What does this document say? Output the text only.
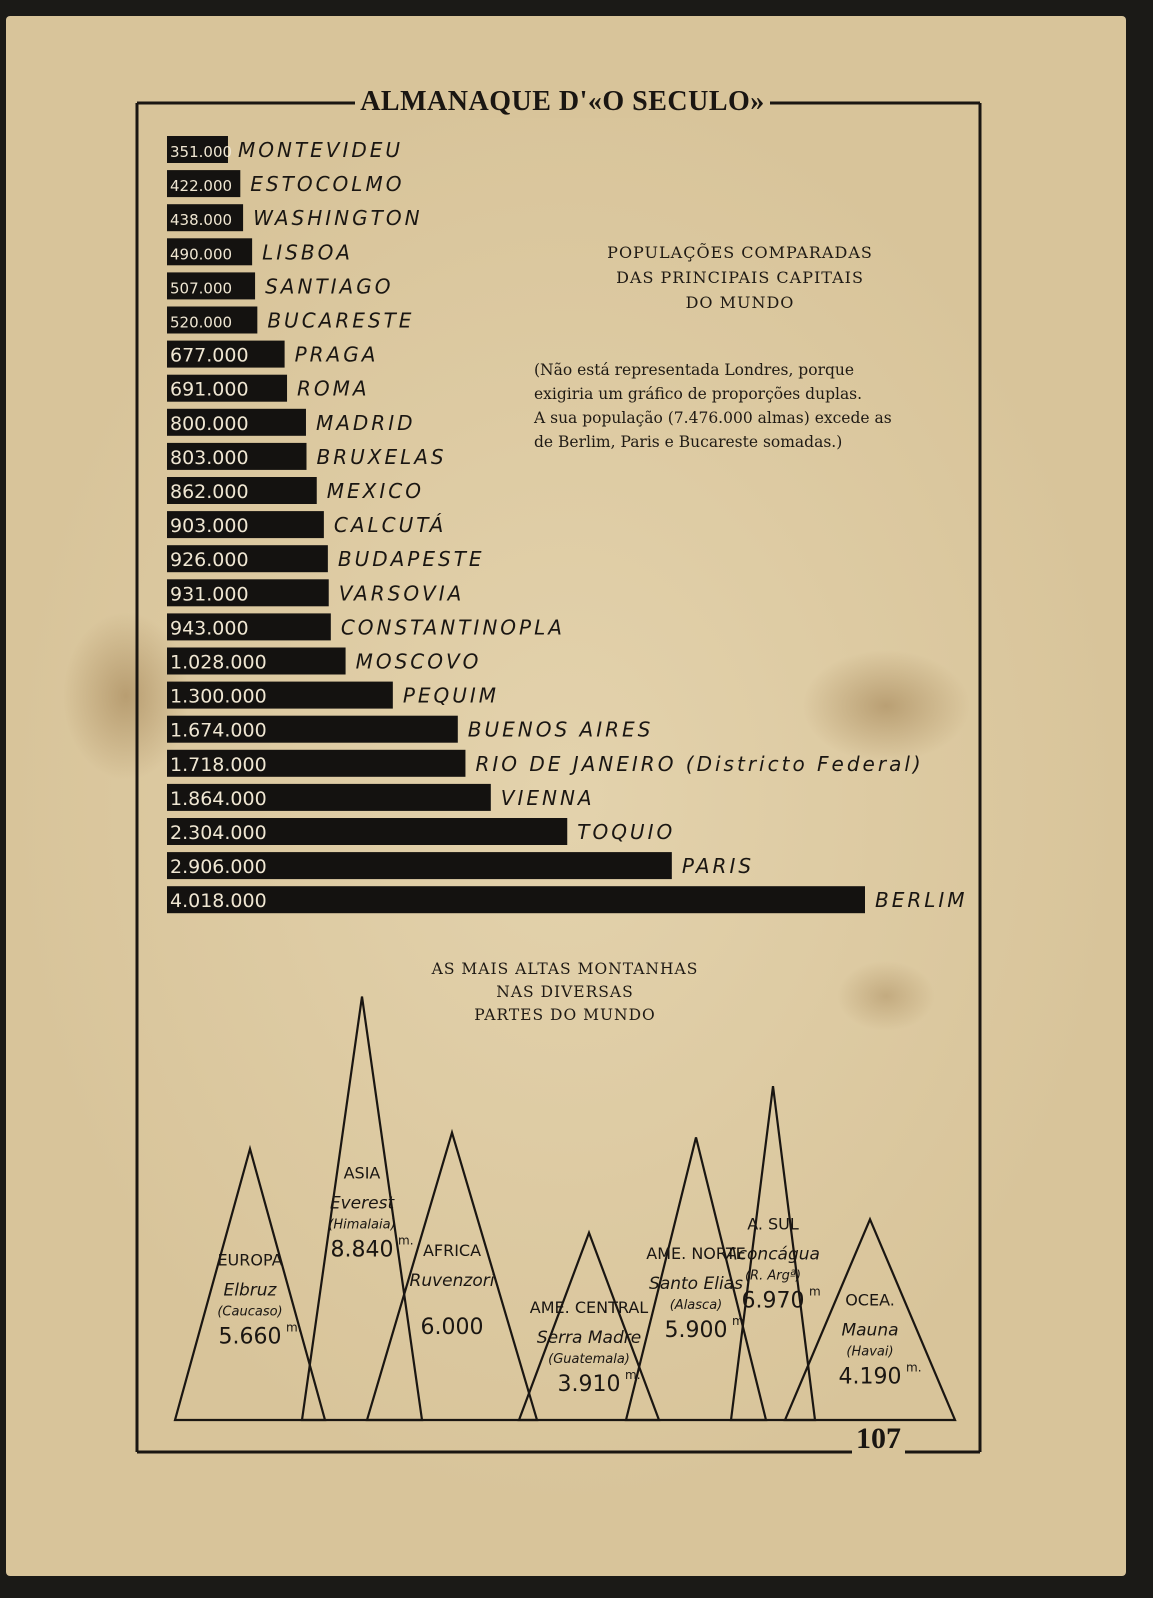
351.000 MONTEVIDEU
422.000 ESTOCOLMO
438.000 WASHINGTON
490.000 LISBOA
507.000 SANTIAGO
520.000 BUCARESTE
677.000 PRAGA
691.000 ROMA
800.000	MADRID
803.000	BRUXELAS
862.000	MEXICO
903.000	CALCUTÁ
926.000	BUDAPESTE
931.000	VARSOVIA
943.000	CONSTANTINOPLA
1.028.000	MOSCOVO
1.300.000	PEQUIM
1.674.000	BUENOS AIRES
1.718.000	RIO DE JANEIRO (Districto Federal)
1.864.000	VIENNA
2.304.000	TOQUIO
2.906.000	PARIS
4.018.000	BERLIM
EUROPA
Elbruz
(Caucaso)
5.660 m.
ASIA
Everest
(Himalaia)
8.840 m.
AFRICA
Ruvenzori
6.000
AME. CENTRAL
Serra Madre
(Guatemala)
3.910 m.
AME. NORTE
Santo Elias
(Alasca)
5.900 m
A. SUL
Aconcágua
(R. Argª)
6.970 m OCEA.
Mauna
(Havai)
4.190 m.
ALMANAQUE D'«O SECULO»
POPULAÇÕES COMPARADAS
DAS PRINCIPAIS CAPITAIS
DO MUNDO
(Não está representada Londres, porque
exigiria um gráfico de proporções duplas.
A sua população (7.476.000 almas) excede as
de Berlim, Paris e Bucareste somadas.)
AS MAIS ALTAS MONTANHAS
NAS DIVERSAS
PARTES DO MUNDO
107
